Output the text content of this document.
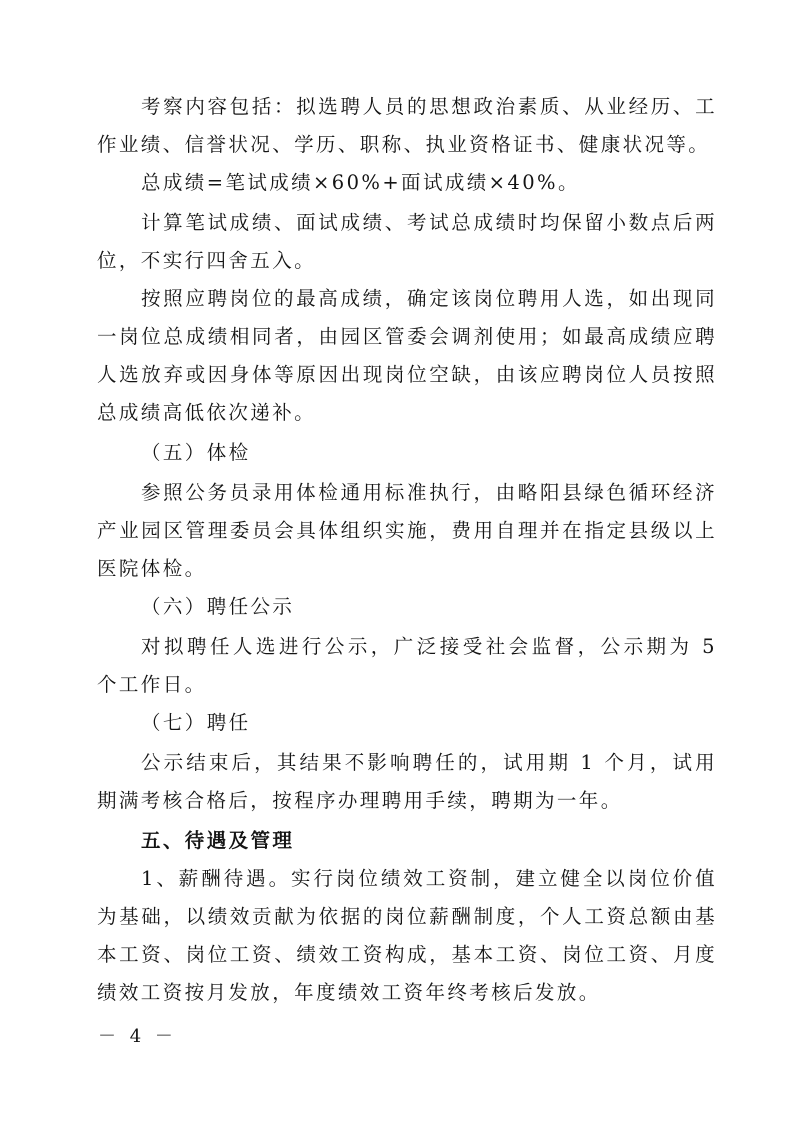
考察内容包括：拟选聘人员的思想政治素质、从业经历、工作业绩、信誉状况、学历、职称、执业资格证书、健康状况等。

总成绩=笔试成绩×60%+面试成绩×40%。

计算笔试成绩、面试成绩、考试总成绩时均保留小数点后两位，不实行四舍五入。

按照应聘岗位的最高成绩，确定该岗位聘用人选，如出现同一岗位总成绩相同者，由园区管委会调剂使用；如最高成绩应聘人选放弃或因身体等原因出现岗位空缺，由该应聘岗位人员按照总成绩高低依次递补。

（五）体检

参照公务员录用体检通用标准执行，由略阳县绿色循环经济产业园区管理委员会具体组织实施，费用自理并在指定县级以上医院体检。

（六）聘任公示

对拟聘任人选进行公示，广泛接受社会监督，公示期为 5 个工作日。

（七）聘任

公示结束后，其结果不影响聘任的，试用期 1 个月，试用期满考核合格后，按程序办理聘用手续，聘期为一年。

五、待遇及管理

1、薪酬待遇。实行岗位绩效工资制，建立健全以岗位价值为基础，以绩效贡献为依据的岗位薪酬制度，个人工资总额由基本工资、岗位工资、绩效工资构成，基本工资、岗位工资、月度绩效工资按月发放，年度绩效工资年终考核后发放。

－ 4 －
